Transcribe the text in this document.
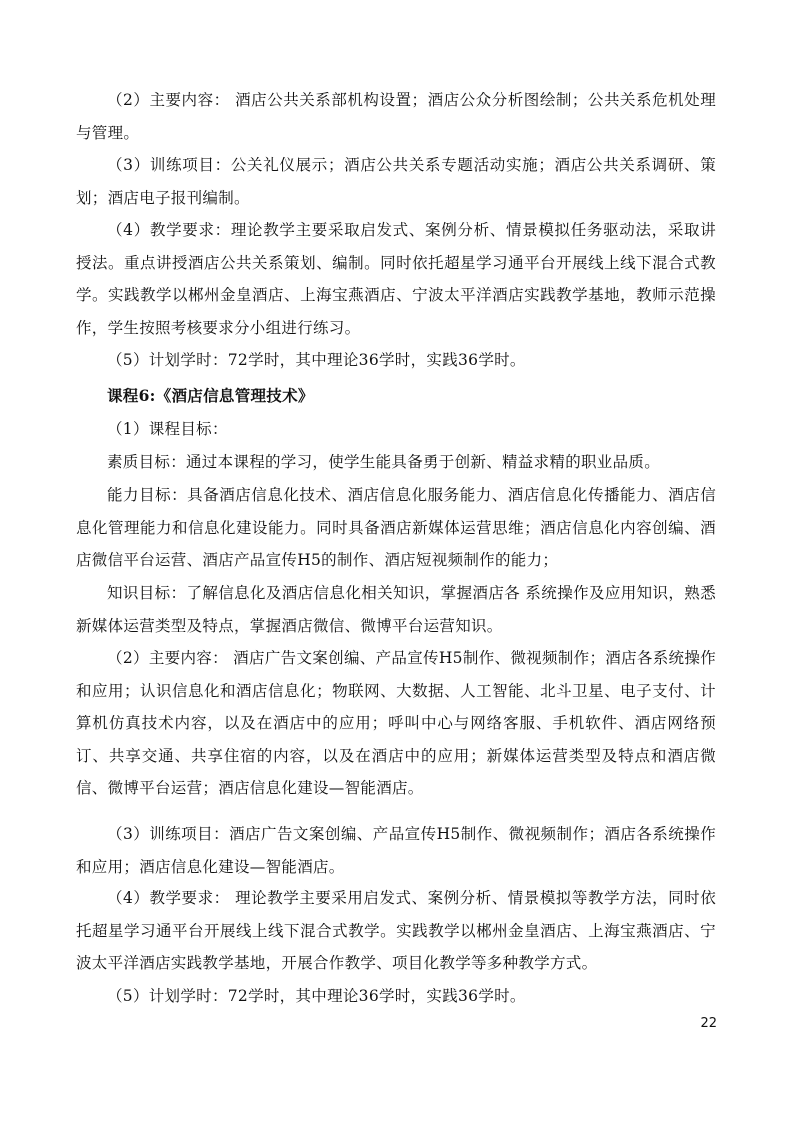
（2）主要内容： 酒店公共关系部机构设置；酒店公众分析图绘制；公共关系危机处理与管理。
（3）训练项目：公关礼仪展示；酒店公共关系专题活动实施；酒店公共关系调研、策划；酒店电子报刊编制。
（4）教学要求：理论教学主要采取启发式、案例分析、情景模拟任务驱动法，采取讲授法。重点讲授酒店公共关系策划、编制。同时依托超星学习通平台开展线上线下混合式教学。实践教学以郴州金皇酒店、上海宝燕酒店、宁波太平洋酒店实践教学基地，教师示范操作，学生按照考核要求分小组进行练习。
（5）计划学时：72学时，其中理论36学时，实践36学时。
课程6:《酒店信息管理技术》
（1）课程目标：
素质目标：通过本课程的学习，使学生能具备勇于创新、精益求精的职业品质。
能力目标：具备酒店信息化技术、酒店信息化服务能力、酒店信息化传播能力、酒店信息化管理能力和信息化建设能力。同时具备酒店新媒体运营思维；酒店信息化内容创编、酒店微信平台运营、酒店产品宣传H5的制作、酒店短视频制作的能力；
知识目标：了解信息化及酒店信息化相关知识，掌握酒店各 系统操作及应用知识，熟悉新媒体运营类型及特点，掌握酒店微信、微博平台运营知识。
（2）主要内容： 酒店广告文案创编、产品宣传H5制作、微视频制作；酒店各系统操作和应用；认识信息化和酒店信息化；物联网、大数据、人工智能、北斗卫星、电子支付、计算机仿真技术内容，以及在酒店中的应用；呼叫中心与网络客服、手机软件、酒店网络预订、共享交通、共享住宿的内容，以及在酒店中的应用；新媒体运营类型及特点和酒店微信、微博平台运营；酒店信息化建设—智能酒店。
（3）训练项目：酒店广告文案创编、产品宣传H5制作、微视频制作；酒店各系统操作和应用；酒店信息化建设—智能酒店。
（4）教学要求： 理论教学主要采用启发式、案例分析、情景模拟等教学方法，同时依托超星学习通平台开展线上线下混合式教学。实践教学以郴州金皇酒店、上海宝燕酒店、宁波太平洋酒店实践教学基地，开展合作教学、项目化教学等多种教学方式。
（5）计划学时：72学时，其中理论36学时，实践36学时。
22
